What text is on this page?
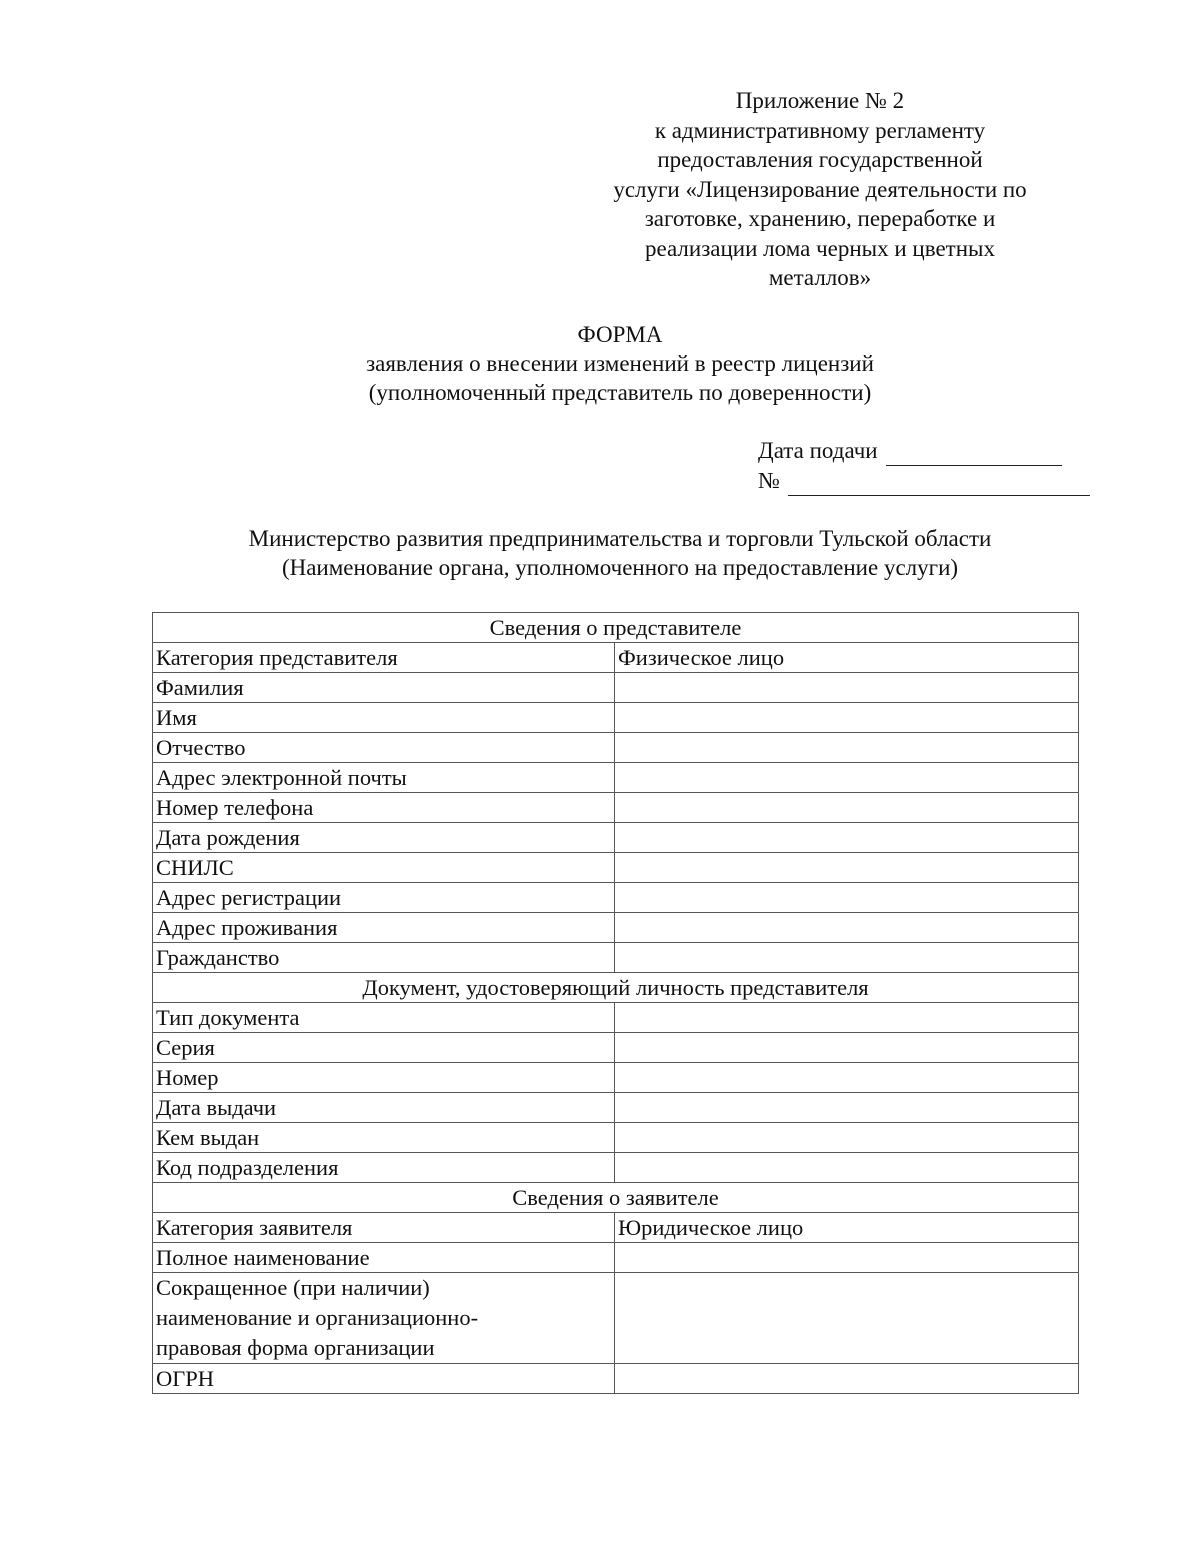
Приложение № 2
к административному регламенту
предоставления государственной
услуги «Лицензирование деятельности по
заготовке, хранению, переработке и
реализации лома черных и цветных
металлов»
ФОРМА
заявления о внесении изменений в реестр лицензий
(уполномоченный представитель по доверенности)
Дата подачи
№
Министерство развития предпринимательства и торговли Тульской области
(Наименование органа, уполномоченного на предоставление услуги)
Сведения о представителе	
Категория представителя	Физическое лицо
Фамилия	
Имя	
Отчество	
Адрес электронной почты	
Номер телефона	
Дата рождения	
СНИЛС	
Адрес регистрации	
Адрес проживания	
Гражданство	
Документ, удостоверяющий личность представителя	
Тип документа	
Серия	
Номер	
Дата выдачи	
Кем выдан	
Код подразделения	
Сведения о заявителе	
Категория заявителя	Юридическое лицо
Полное наименование	

Сокращенное (при наличии)
наименование и организационно-
правовая форма организации	

ОГРН	
